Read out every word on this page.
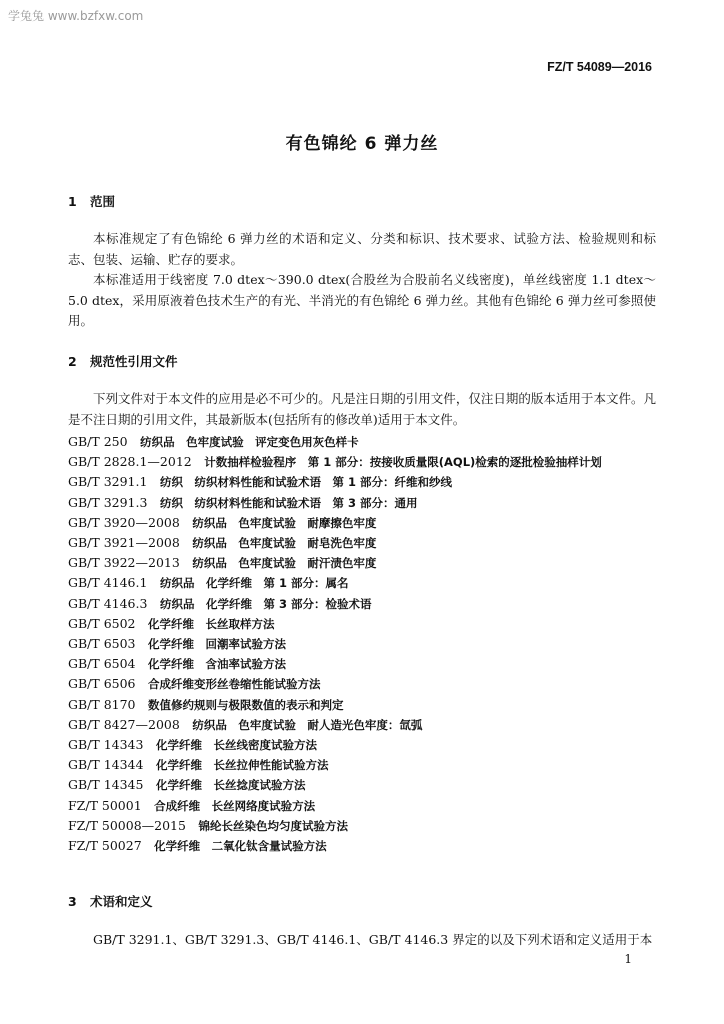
学兔兔 www.bzfxw.com
FZ/T 54089—2016
有色锦纶 6 弹力丝
1 范围
本标准规定了有色锦纶 6 弹力丝的术语和定义、分类和标识、技术要求、试验方法、检验规则和标志、包装、运输、贮存的要求。
本标准适用于线密度 7.0 dtex～390.0 dtex(合股丝为合股前名义线密度)，单丝线密度 1.1 dtex～5.0 dtex，采用原液着色技术生产的有光、半消光的有色锦纶 6 弹力丝。其他有色锦纶 6 弹力丝可参照使用。
2 规范性引用文件
下列文件对于本文件的应用是必不可少的。凡是注日期的引用文件，仅注日期的版本适用于本文件。凡是不注日期的引用文件，其最新版本(包括所有的修改单)适用于本文件。
GB/T 250　 纺织品　色牢度试验　评定变色用灰色样卡
GB/T 2828.1—2012　 计数抽样检验程序　第 1 部分：按接收质量限(AQL)检索的逐批检验抽样计划
GB/T 3291.1　 纺织　纺织材料性能和试验术语　第 1 部分：纤维和纱线
GB/T 3291.3　 纺织　纺织材料性能和试验术语　第 3 部分：通用
GB/T 3920—2008　 纺织品　色牢度试验　耐摩擦色牢度
GB/T 3921—2008　 纺织品　色牢度试验　耐皂洗色牢度
GB/T 3922—2013　 纺织品　色牢度试验　耐汗渍色牢度
GB/T 4146.1　 纺织品　化学纤维　第 1 部分：属名
GB/T 4146.3　 纺织品　化学纤维　第 3 部分：检验术语
GB/T 6502　 化学纤维　长丝取样方法
GB/T 6503　 化学纤维　回潮率试验方法
GB/T 6504　 化学纤维　含油率试验方法
GB/T 6506　 合成纤维变形丝卷缩性能试验方法
GB/T 8170　 数值修约规则与极限数值的表示和判定
GB/T 8427—2008　 纺织品　色牢度试验　耐人造光色牢度：氙弧
GB/T 14343　 化学纤维　长丝线密度试验方法
GB/T 14344　 化学纤维　长丝拉伸性能试验方法
GB/T 14345　 化学纤维　长丝捻度试验方法
FZ/T 50001　 合成纤维　长丝网络度试验方法
FZ/T 50008—2015　 锦纶长丝染色均匀度试验方法
FZ/T 50027　 化学纤维　二氧化钛含量试验方法
3 术语和定义
GB/T 3291.1、GB/T 3291.3、GB/T 4146.1、GB/T 4146.3 界定的以及下列术语和定义适用于本
1
